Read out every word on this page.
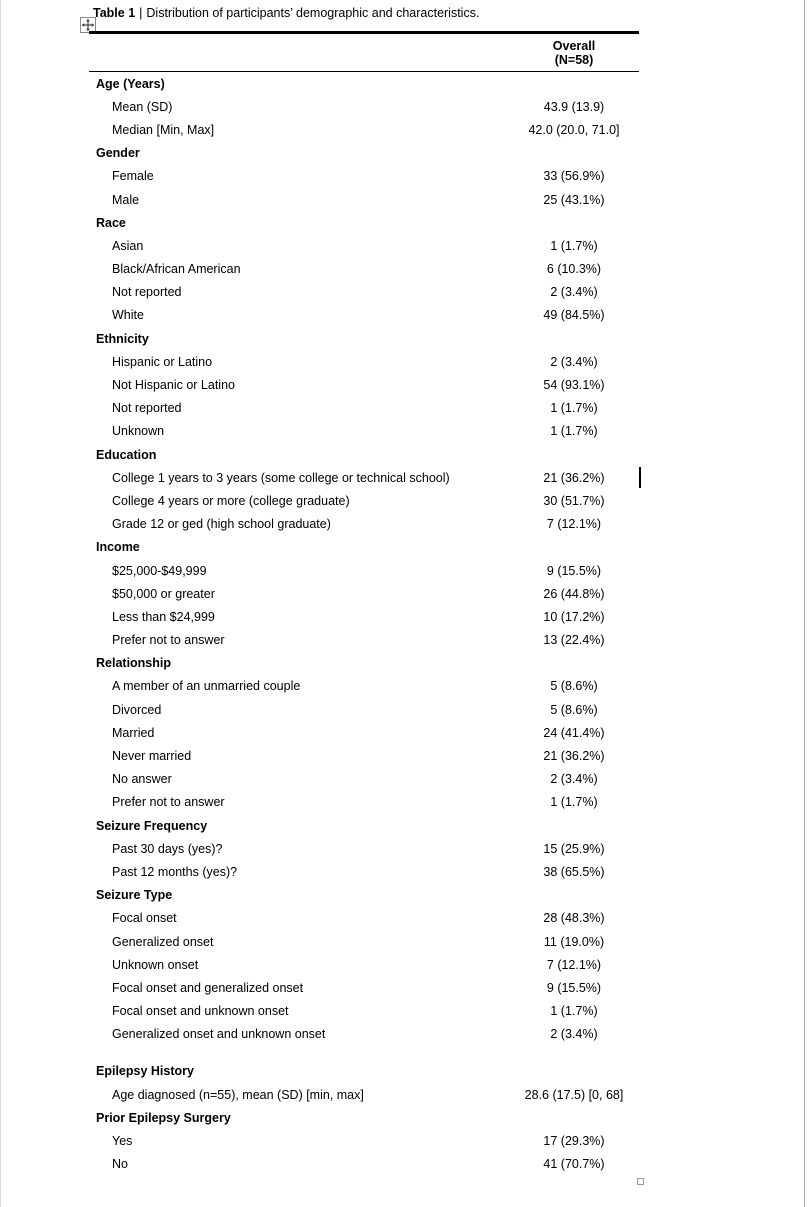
Table 1 | Distribution of participants’ demographic and characteristics.
Overall
(N=58)
Age (Years)
Mean (SD)	43.9 (13.9)
Median [Min, Max]	42.0 (20.0, 71.0]
Gender
Female	33 (56.9%)
Male	25 (43.1%)
Race
Asian	1 (1.7%)
Black/African American	6 (10.3%)
Not reported	2 (3.4%)
White	49 (84.5%)
Ethnicity
Hispanic or Latino	2 (3.4%)
Not Hispanic or Latino	54 (93.1%)
Not reported	1 (1.7%)
Unknown	1 (1.7%)
Education
College 1 years to 3 years (some college or technical school)	21 (36.2%)
College 4 years or more (college graduate)	30 (51.7%)
Grade 12 or ged (high school graduate)	7 (12.1%)
Income
$25,000-$49,999	9 (15.5%)
$50,000 or greater	26 (44.8%)
Less than $24,999	10 (17.2%)
Prefer not to answer	13 (22.4%)
Relationship
A member of an unmarried couple	5 (8.6%)
Divorced	5 (8.6%)
Married	24 (41.4%)
Never married	21 (36.2%)
No answer	2 (3.4%)
Prefer not to answer	1 (1.7%)
Seizure Frequency
Past 30 days (yes)?	15 (25.9%)
Past 12 months (yes)?	38 (65.5%)
Seizure Type
Focal onset	28 (48.3%)
Generalized onset	11 (19.0%)
Unknown onset	7 (12.1%)
Focal onset and generalized onset	9 (15.5%)
Focal onset and unknown onset	1 (1.7%)
Generalized onset and unknown onset	2 (3.4%)
Epilepsy History
Age diagnosed (n=55), mean (SD) [min, max]	28.6 (17.5) [0, 68]
Prior Epilepsy Surgery
Yes	17 (29.3%)
No	41 (70.7%)
